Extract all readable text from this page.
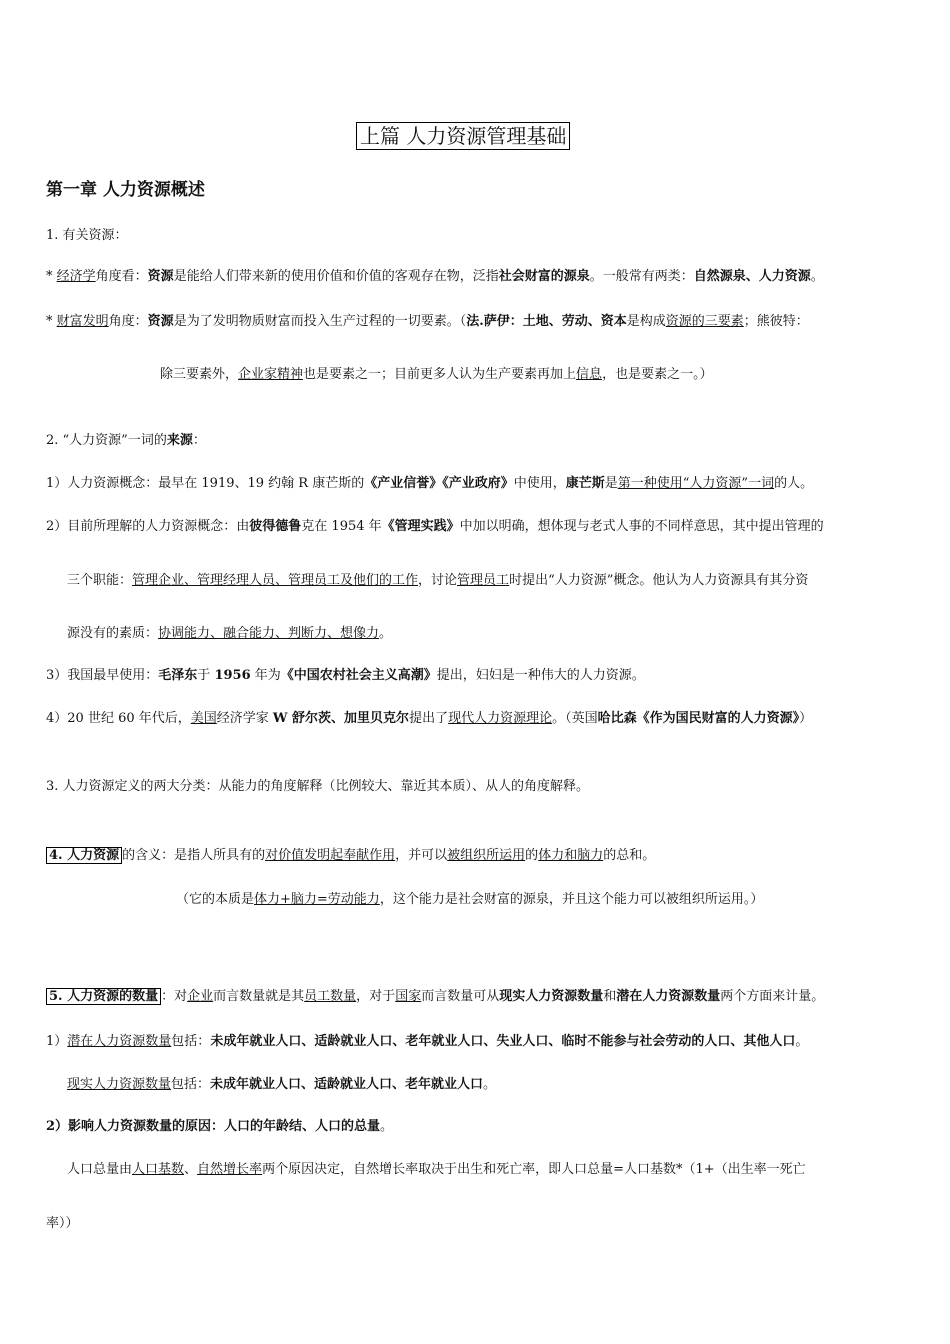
上篇 人力资源管理基础
第一章 人力资源概述
1. 有关资源：
* 经济学角度看：资源是能给人们带来新的使用价值和价值的客观存在物，泛指社会财富的源泉。一般常有两类：自然源泉、人力资源。
* 财富发明角度：资源是为了发明物质财富而投入生产过程的一切要素。（法.萨伊：土地、劳动、资本是构成资源的三要素；熊彼特：
除三要素外，企业家精神也是要素之一；目前更多人认为生产要素再加上信息，也是要素之一。）
2. “人力资源”一词的来源：
1）人力资源概念：最早在 1919、19 约翰 R 康芒斯的《产业信誉》《产业政府》中使用，康芒斯是第一种使用“人力资源”一词的人。
2）目前所理解的人力资源概念：由彼得德鲁克在 1954 年《管理实践》中加以明确，想体现与老式人事的不同样意思，其中提出管理的
三个职能：管理企业、管理经理人员、管理员工及他们的工作，讨论管理员工时提出“人力资源”概念。他认为人力资源具有其分资
源没有的素质：协调能力、融合能力、判断力、想像力。
3）我国最早使用：毛泽东于 1956 年为《中国农村社会主义高潮》提出，妇妇是一种伟大的人力资源。
4）20 世纪 60 年代后，美国经济学家 W 舒尔茨、加里贝克尔提出了现代人力资源理论。（英国哈比森《作为国民财富的人力资源》）
3. 人力资源定义的两大分类：从能力的角度解释（比例较大、靠近其本质）、从人的角度解释。
4. 人力资源 的含义：是指人所具有的对价值发明起奉献作用，并可以被组织所运用的体力和脑力的总和。
（它的本质是体力+脑力=劳动能力，这个能力是社会财富的源泉，并且这个能力可以被组织所运用。）
5. 人力资源的数量 ：对企业而言数量就是其员工数量，对于国家而言数量可从现实人力资源数量和潜在人力资源数量两个方面来计量。
1）潜在人力资源数量包括：未成年就业人口、适龄就业人口、老年就业人口、失业人口、临时不能参与社会劳动的人口、其他人口。
现实人力资源数量包括：未成年就业人口、适龄就业人口、老年就业人口。
2）影响人力资源数量的原因：人口的年龄结、人口的总量。
人口总量由人口基数、自然增长率两个原因决定，自然增长率取决于出生和死亡率，即人口总量=人口基数*（1+（出生率一死亡
率））
